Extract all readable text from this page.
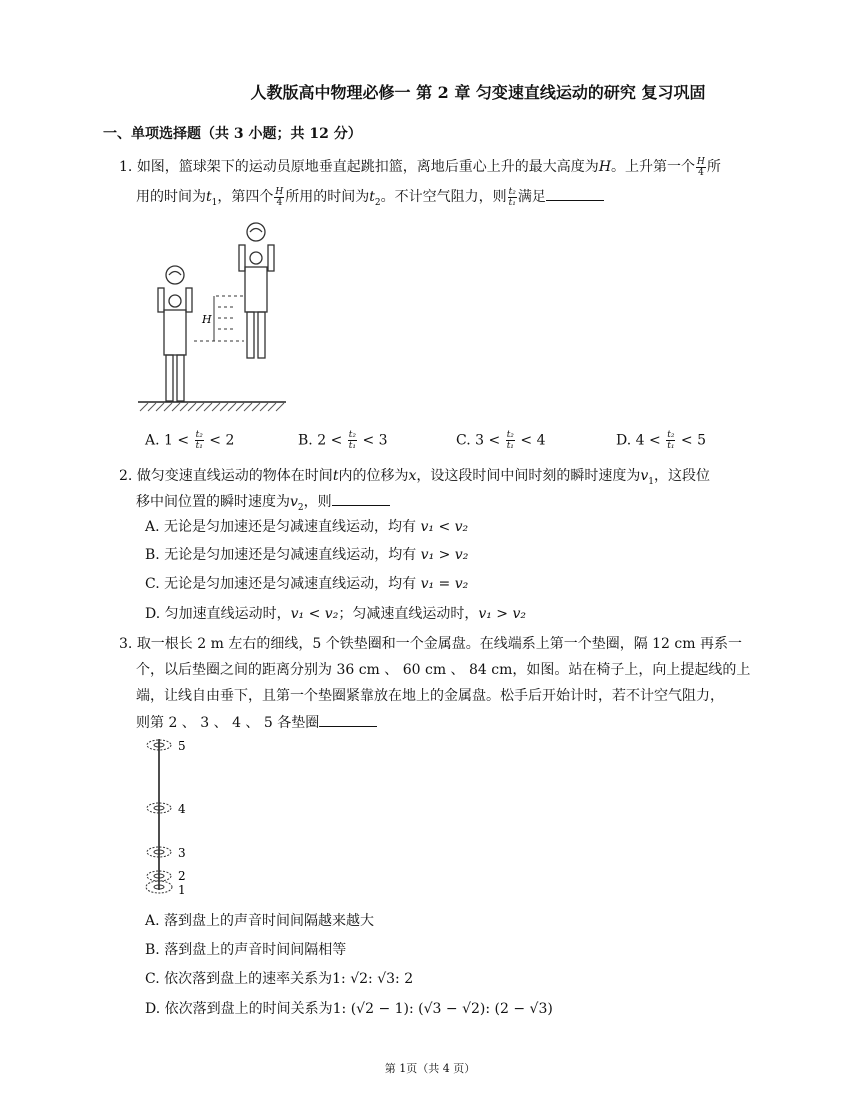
人教版高中物理必修一 第 2 章 匀变速直线运动的研究 复习巩固
一、单项选择题（共 3 小题；共 12 分）
1. 如图，篮球架下的运动员原地垂直起跳扣篮，离地后重心上升的最大高度为H。上升第一个 $\frac{H}{4}$ 所
用的时间为$t_1$，第四个 $\frac{H}{4}$ 所用的时间为$t_2$。不计空气阻力，则 $\frac{\text{t₂}}{\text{t₁}}$ 满足
H
A. $1 < \frac{\text{t₂}}{\text{t₁}} < 2$	B. $2 < \frac{\text{t₂}}{\text{t₁}} < 3$	C. $3 < \frac{\text{t₂}}{\text{t₁}} < 4$	D. $4 < \frac{\text{t₂}}{\text{t₁}} < 5$
2. 做匀变速直线运动的物体在时间t内的位移为x，设这段时间中间时刻的瞬时速度为$v_1$，这段位
移中间位置的瞬时速度为$v_2$，则
A. 无论是匀加速还是匀减速直线运动，均有 v₁ < v₂
B. 无论是匀加速还是匀减速直线运动，均有 v₁ > v₂
C. 无论是匀加速还是匀减速直线运动，均有 v₁ = v₂
D. 匀加速直线运动时，v₁ < v₂；匀减速直线运动时，v₁ > v₂
3. 取一根长 2 m 左右的细线，5 个铁垫圈和一个金属盘。在线端系上第一个垫圈，隔 12 cm 再系一
个，以后垫圈之间的距离分别为 36 cm 、 60 cm 、 84 cm，如图。站在椅子上，向上提起线的上
端，让线自由垂下，且第一个垫圈紧靠放在地上的金属盘。松手后开始计时，若不计空气阻力，
则第 2 、 3 、 4 、 5 各垫圈
5
4
3
2
1
A. 落到盘上的声音时间间隔越来越大
B. 落到盘上的声音时间间隔相等
C. 依次落到盘上的速率关系为1: √2: √3: 2
D. 依次落到盘上的时间关系为1: (√2 − 1): (√3 − √2): (2 − √3)
第 1页（共 4 页）
